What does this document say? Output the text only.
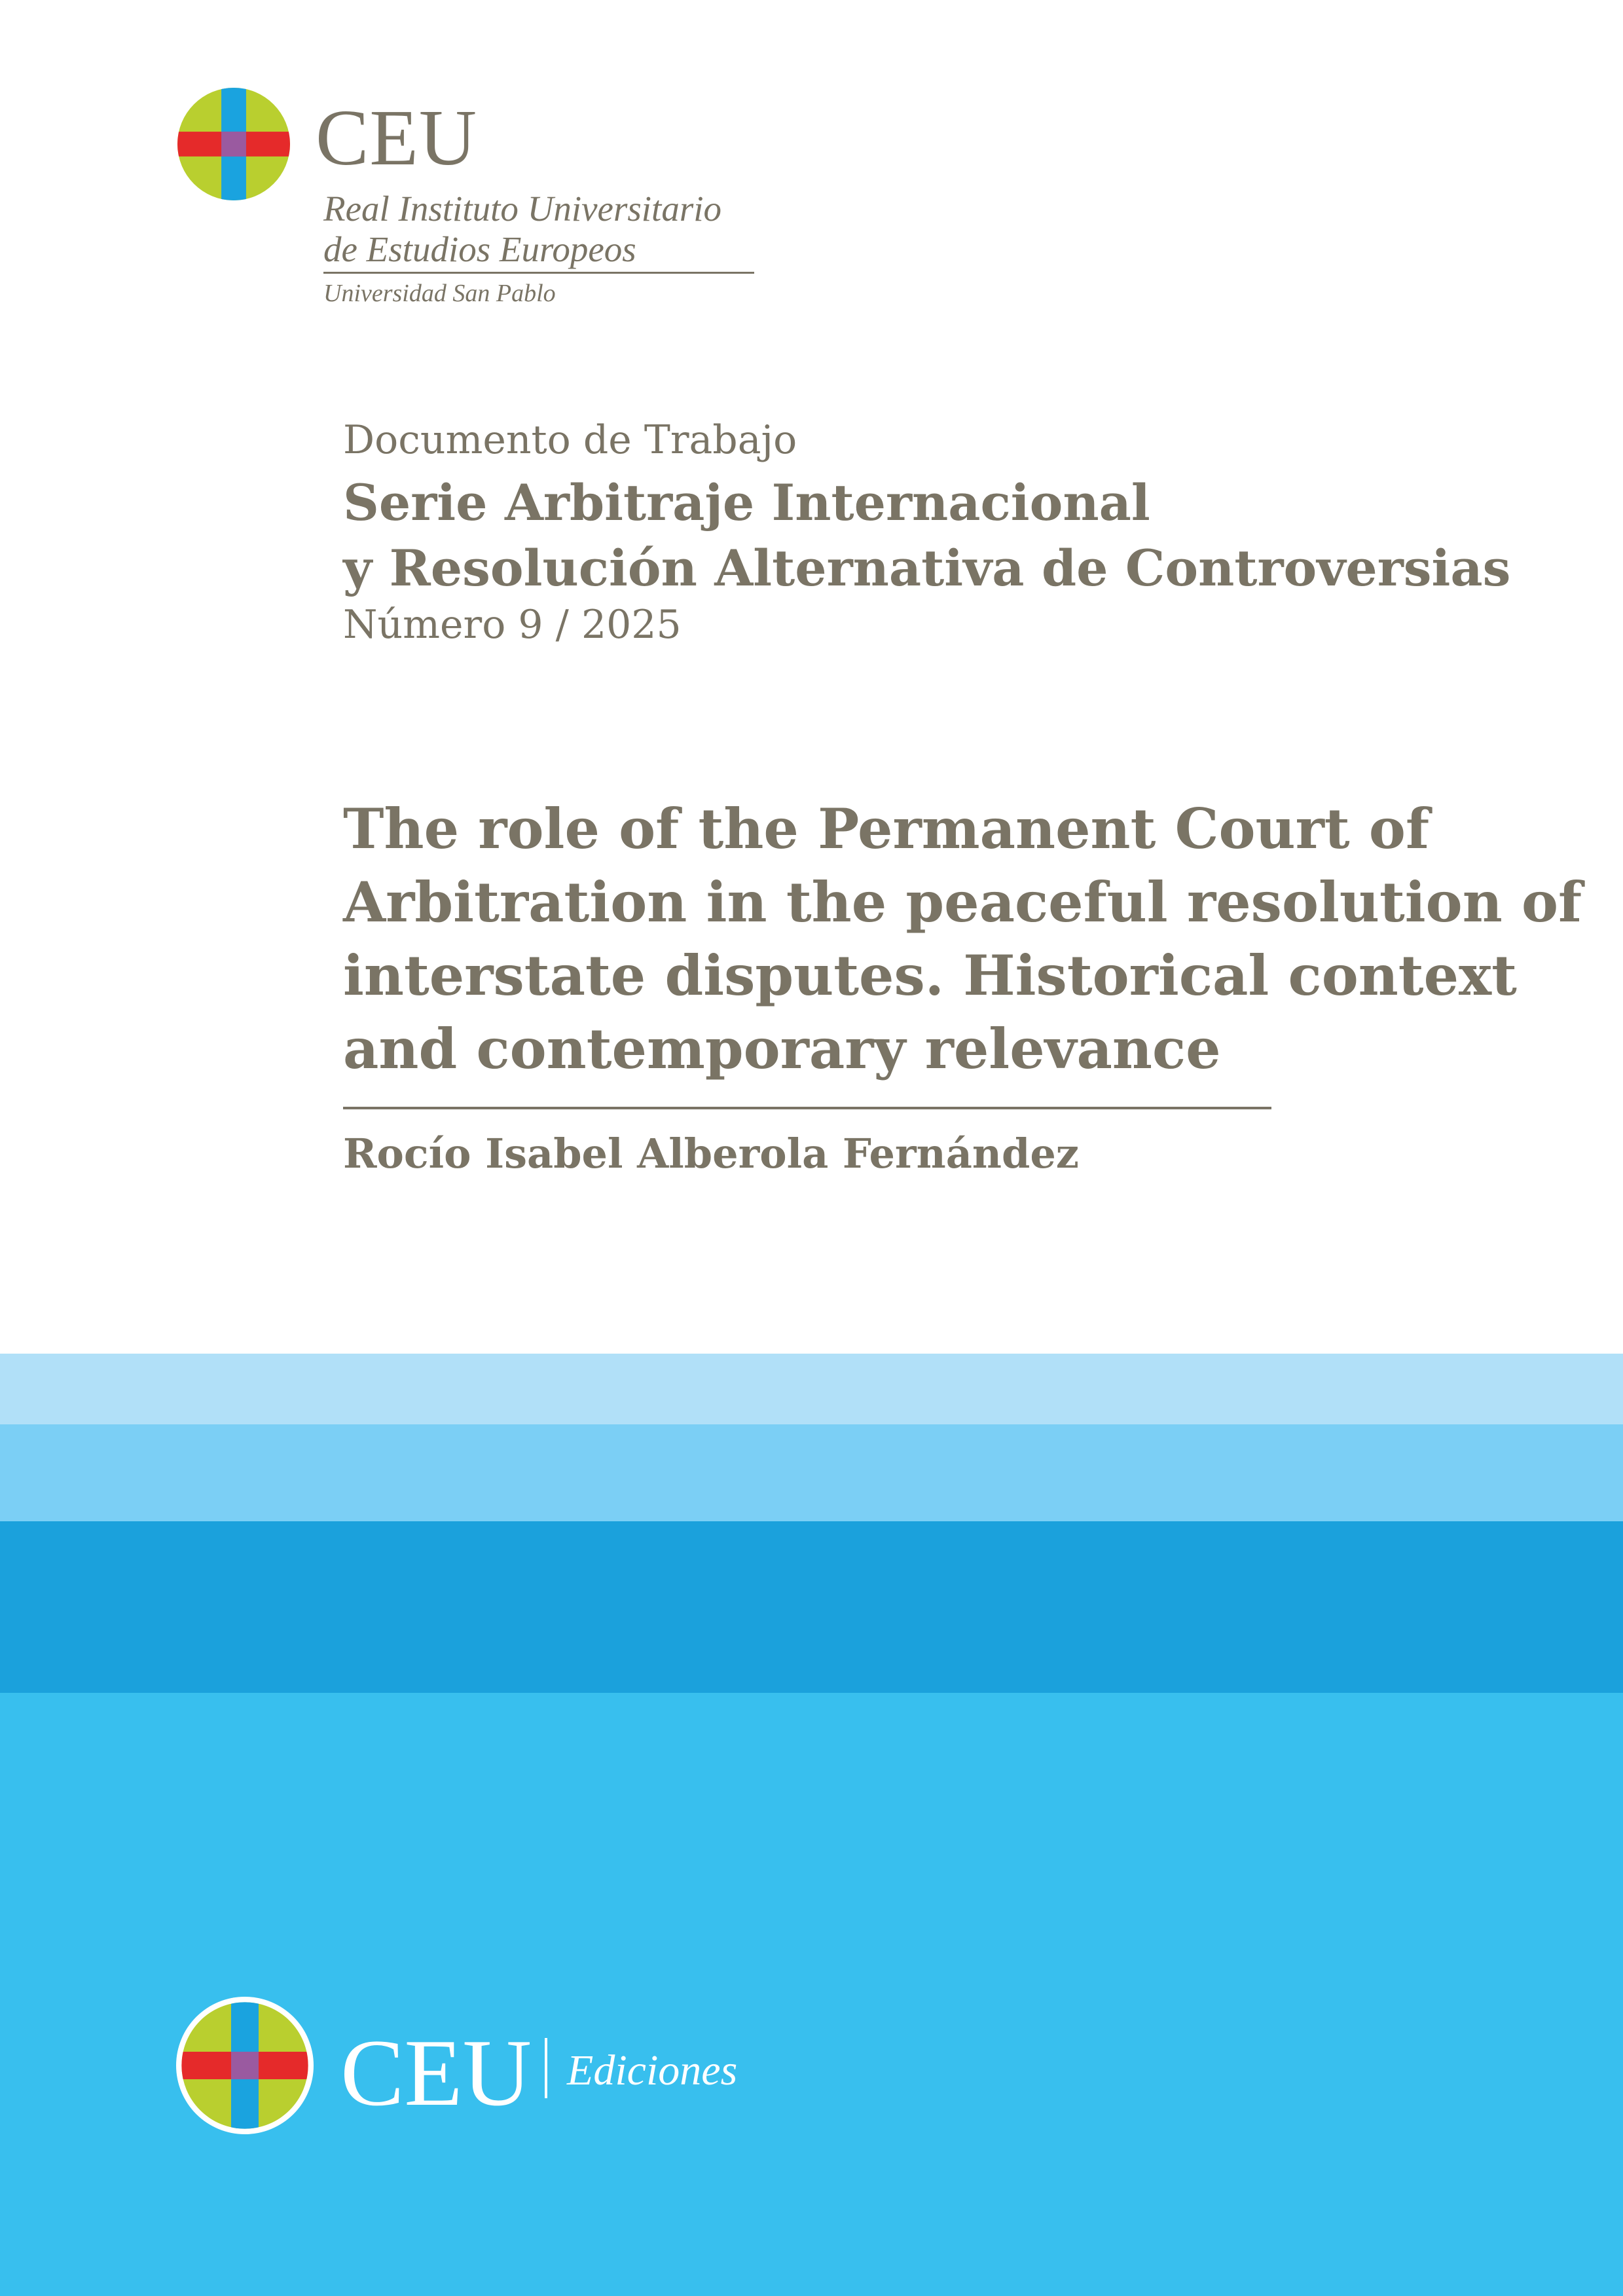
CEU
Real Instituto Universitario
de Estudios Europeos
Universidad San Pablo
Documento de Trabajo
Serie Arbitraje Internacional
y Resolución Alternativa de Controversias
Número 9 / 2025
The role of the Permanent Court of
Arbitration in the peaceful resolution of
interstate disputes. Historical context
and contemporary relevance
Rocío Isabel Alberola Fernández
CEU Ediciones
